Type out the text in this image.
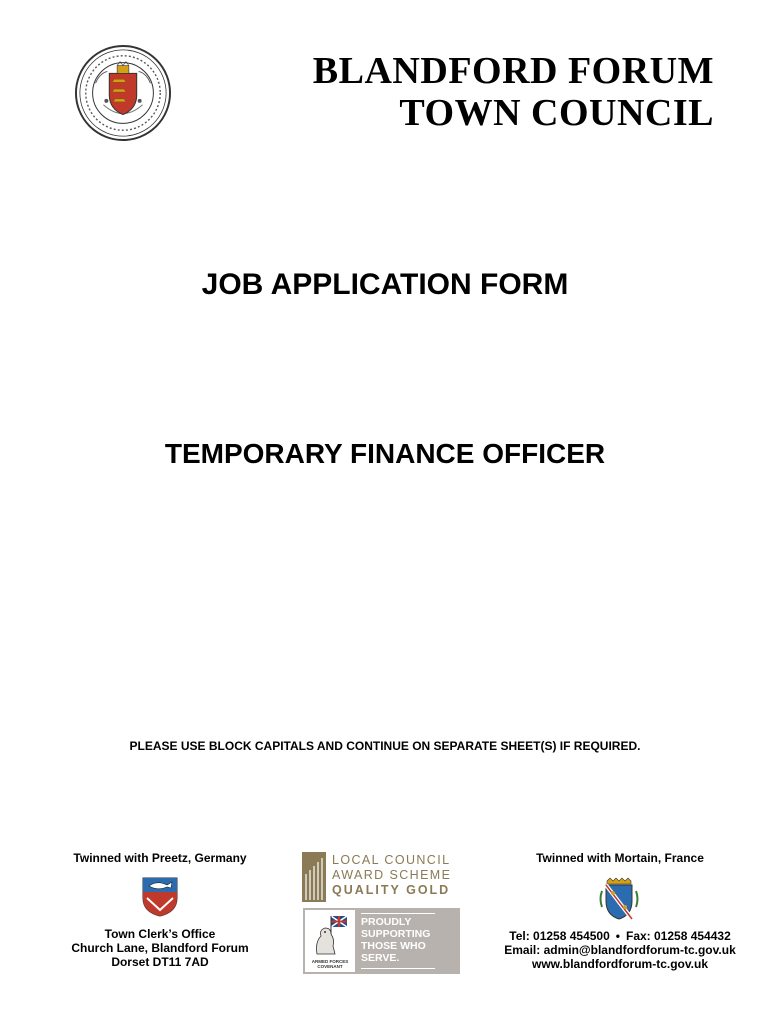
BLANDFORD FORUM
TOWN COUNCIL
JOB APPLICATION FORM
TEMPORARY FINANCE OFFICER
PLEASE USE BLOCK CAPITALS AND CONTINUE ON SEPARATE SHEET(S) IF REQUIRED.
Twinned with Preetz, Germany
Town Clerk’s Office
Church Lane, Blandford Forum
Dorset DT11 7AD
LOCAL COUNCIL
AWARD SCHEME
QUALITY GOLD
ARMED FORCES
COVENANT
PROUDLY
SUPPORTING
THOSE WHO
SERVE.
Twinned with Mortain, France
Tel: 01258 454500 • Fax: 01258 454432
Email: admin@blandfordforum-tc.gov.uk
www.blandfordforum-tc.gov.uk
